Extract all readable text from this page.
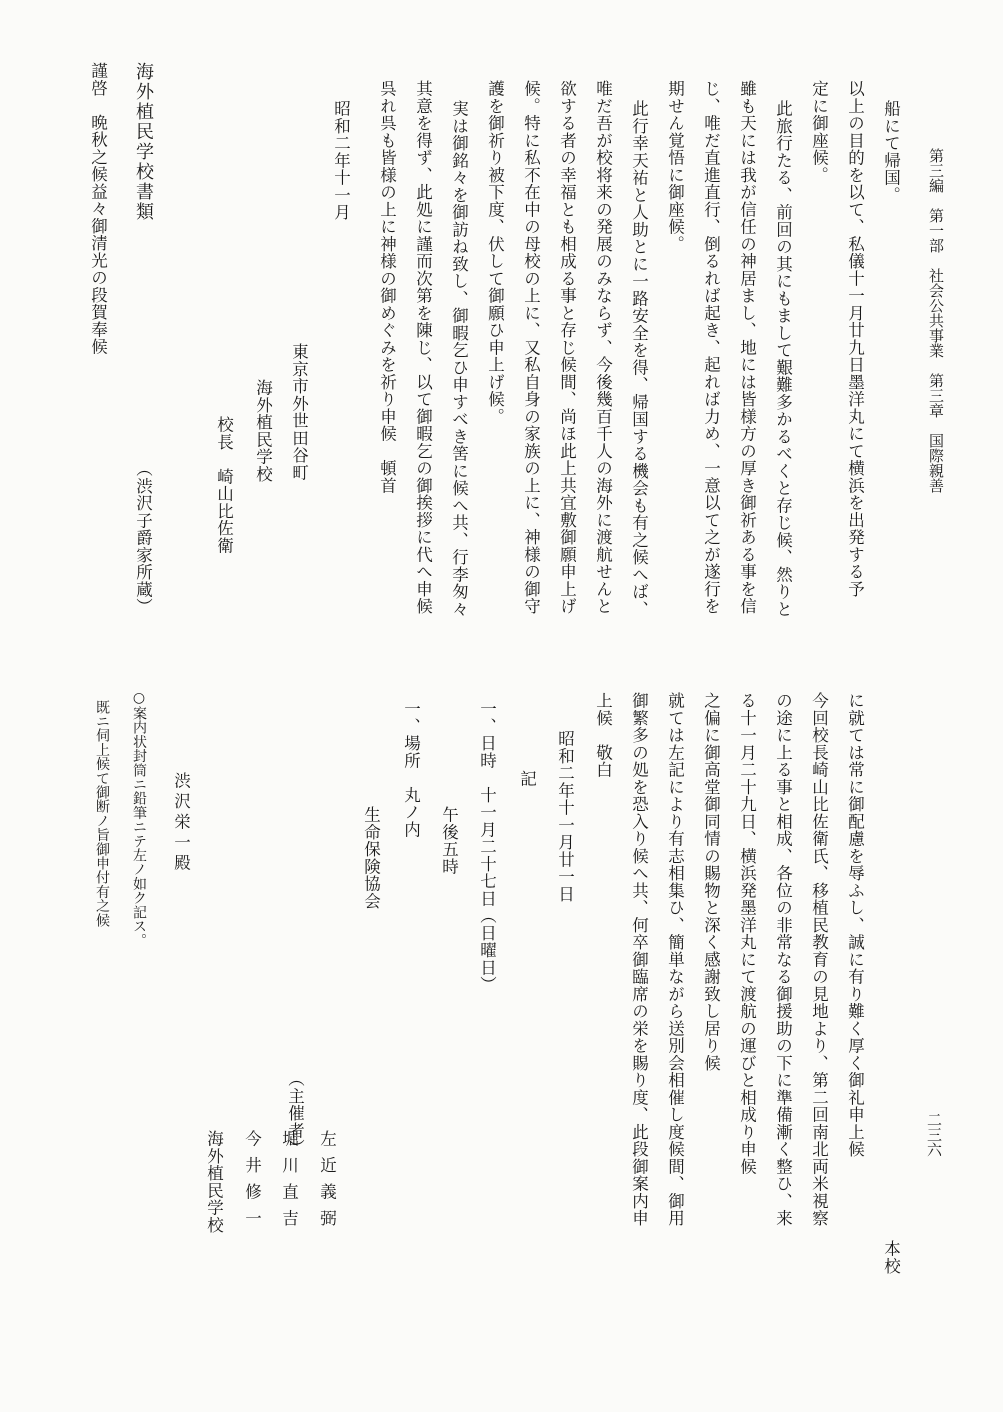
第三編　第一部　社会公共事業　第三章　国際親善
二三六
船にて帰国。
以上の目的を以て、私儀十一月廿九日墨洋丸にて横浜を出発する予
定に御座候。
此旅行たる、前回の其にもまして艱難多かるべくと存じ候、然りと
雖も天には我が信任の神居まし、地には皆様方の厚き御祈ある事を信
じ、唯だ直進直行、倒るれば起き、起れば力め、一意以て之が遂行を
期せん覚悟に御座候。
此行幸天祐と人助とに一路安全を得、帰国する機会も有之候へば、
唯だ吾が校将来の発展のみならず、今後幾百千人の海外に渡航せんと
欲する者の幸福とも相成る事と存じ候間、尚ほ此上共宜敷御願申上げ
候。特に私不在中の母校の上に、又私自身の家族の上に、神様の御守
護を御祈り被下度、伏して御願ひ申上げ候。
実は御銘々を御訪ね致し、御暇乞ひ申すべき筈に候へ共、行李匆々
其意を得ず、此処に謹而次第を陳じ、以て御暇乞の御挨拶に代へ申候
呉れ呉も皆様の上に神様の御めぐみを祈り申候　頓首
昭和二年十一月
東京市外世田谷町
海外植民学校
校長　崎山比佐衛
海外植民学校書類
（渋沢子爵家所蔵）
謹啓　晩秋之候益々御清光の段賀奉候
本校
に就ては常に御配慮を辱ふし、誠に有り難く厚く御礼申上候
今回校長崎山比佐衛氏、移植民教育の見地より、第二回南北両米視察
の途に上る事と相成、各位の非常なる御援助の下に準備漸く整ひ、来
る十一月二十九日、横浜発墨洋丸にて渡航の運びと相成り申候
之偏に御高堂御同情の賜物と深く感謝致し居り候
就ては左記により有志相集ひ、簡単ながら送別会相催し度候間、御用
御繁多の処を恐入り候へ共、何卒御臨席の栄を賜り度、此段御案内申
上候　敬白
昭和二年十一月廿一日
記
一、日時　十一月二十七日（日曜日）
午後五時
一、場所　丸ノ内
生命保険協会
（主催者）
左近義弼
堀川直吉
今井修一
海外植民学校
渋沢栄一殿
○案内状封筒ニ鉛筆ニテ左ノ如ク記ス。
既ニ伺上候て御断ノ旨御申付有之候
